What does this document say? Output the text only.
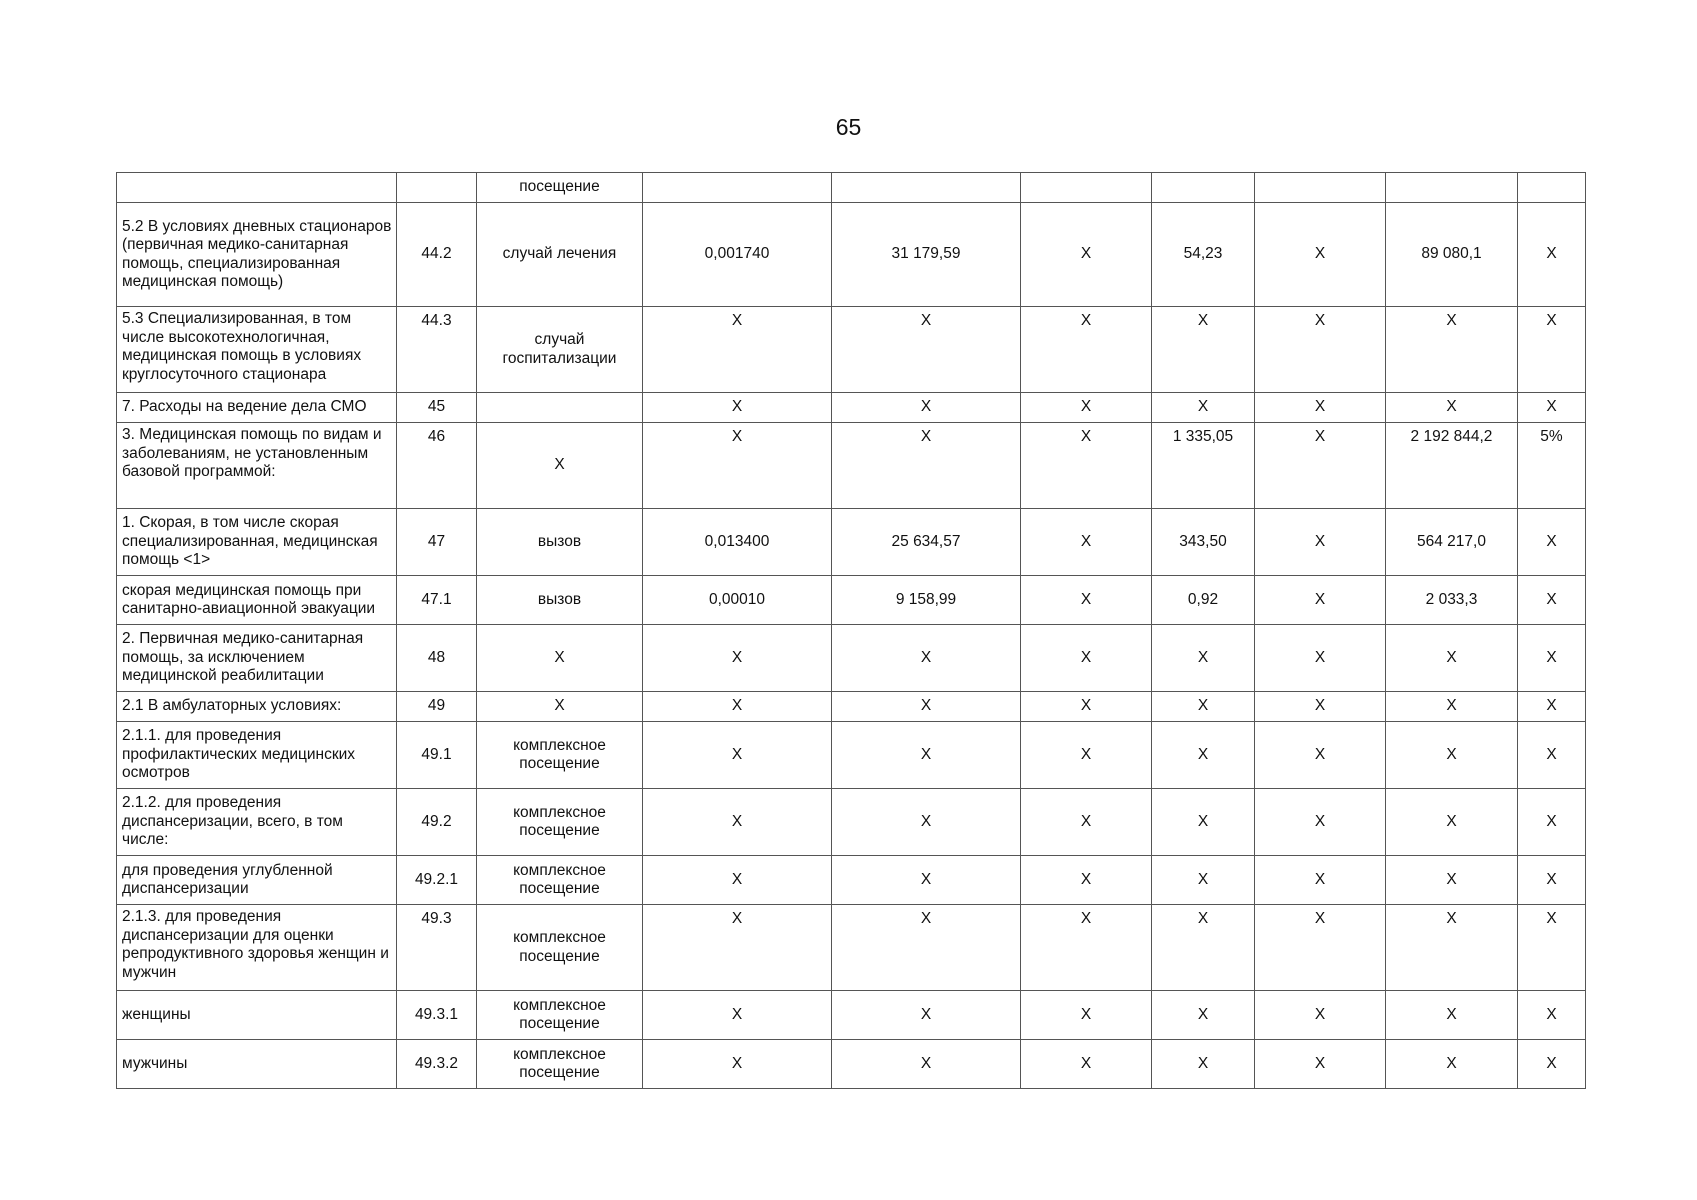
65
		посещение							
5.2 В условиях дневных стационаров (первичная медико-санитарная помощь, специализированная медицинская помощь)	44.2	случай лечения	0,001740	31 179,59	Х	54,23	Х	89 080,1	Х
5.3 Специализированная, в том числе высокотехнологичная, медицинская помощь в условиях круглосуточного стационара	44.3	случай госпитализации	Х	Х	Х	Х	Х	Х	Х
7. Расходы на ведение дела СМО	45		Х	Х	Х	Х	Х	Х	Х
3. Медицинская помощь по видам и заболеваниям, не установленным базовой программой:	46	Х	Х	Х	Х	1 335,05	Х	2 192 844,2	5%
1. Скорая, в том числе скорая специализированная, медицинская помощь <1>	47	вызов	0,013400	25 634,57	Х	343,50	Х	564 217,0	Х
скорая медицинская помощь при санитарно-авиационной эвакуации	47.1	вызов	0,00010	9 158,99	Х	0,92	Х	2 033,3	Х
2. Первичная медико-санитарная помощь, за исключением медицинской реабилитации	48	Х	Х	Х	Х	Х	Х	Х	Х
2.1 В амбулаторных условиях:	49	Х	Х	Х	Х	Х	Х	Х	Х
2.1.1. для проведения профилактических медицинских осмотров	49.1	комплексное посещение	Х	Х	Х	Х	Х	Х	Х
2.1.2. для проведения диспансеризации, всего, в том числе:	49.2	комплексное посещение	Х	Х	Х	Х	Х	Х	Х
для проведения углубленной диспансеризации	49.2.1	комплексное посещение	Х	Х	Х	Х	Х	Х	Х
2.1.3. для проведения диспансеризации для оценки репродуктивного здоровья женщин и мужчин	49.3	комплексное посещение	Х	Х	Х	Х	Х	Х	Х
женщины	49.3.1	комплексное посещение	Х	Х	Х	Х	Х	Х	Х
мужчины	49.3.2	комплексное посещение	Х	Х	Х	Х	Х	Х	Х
